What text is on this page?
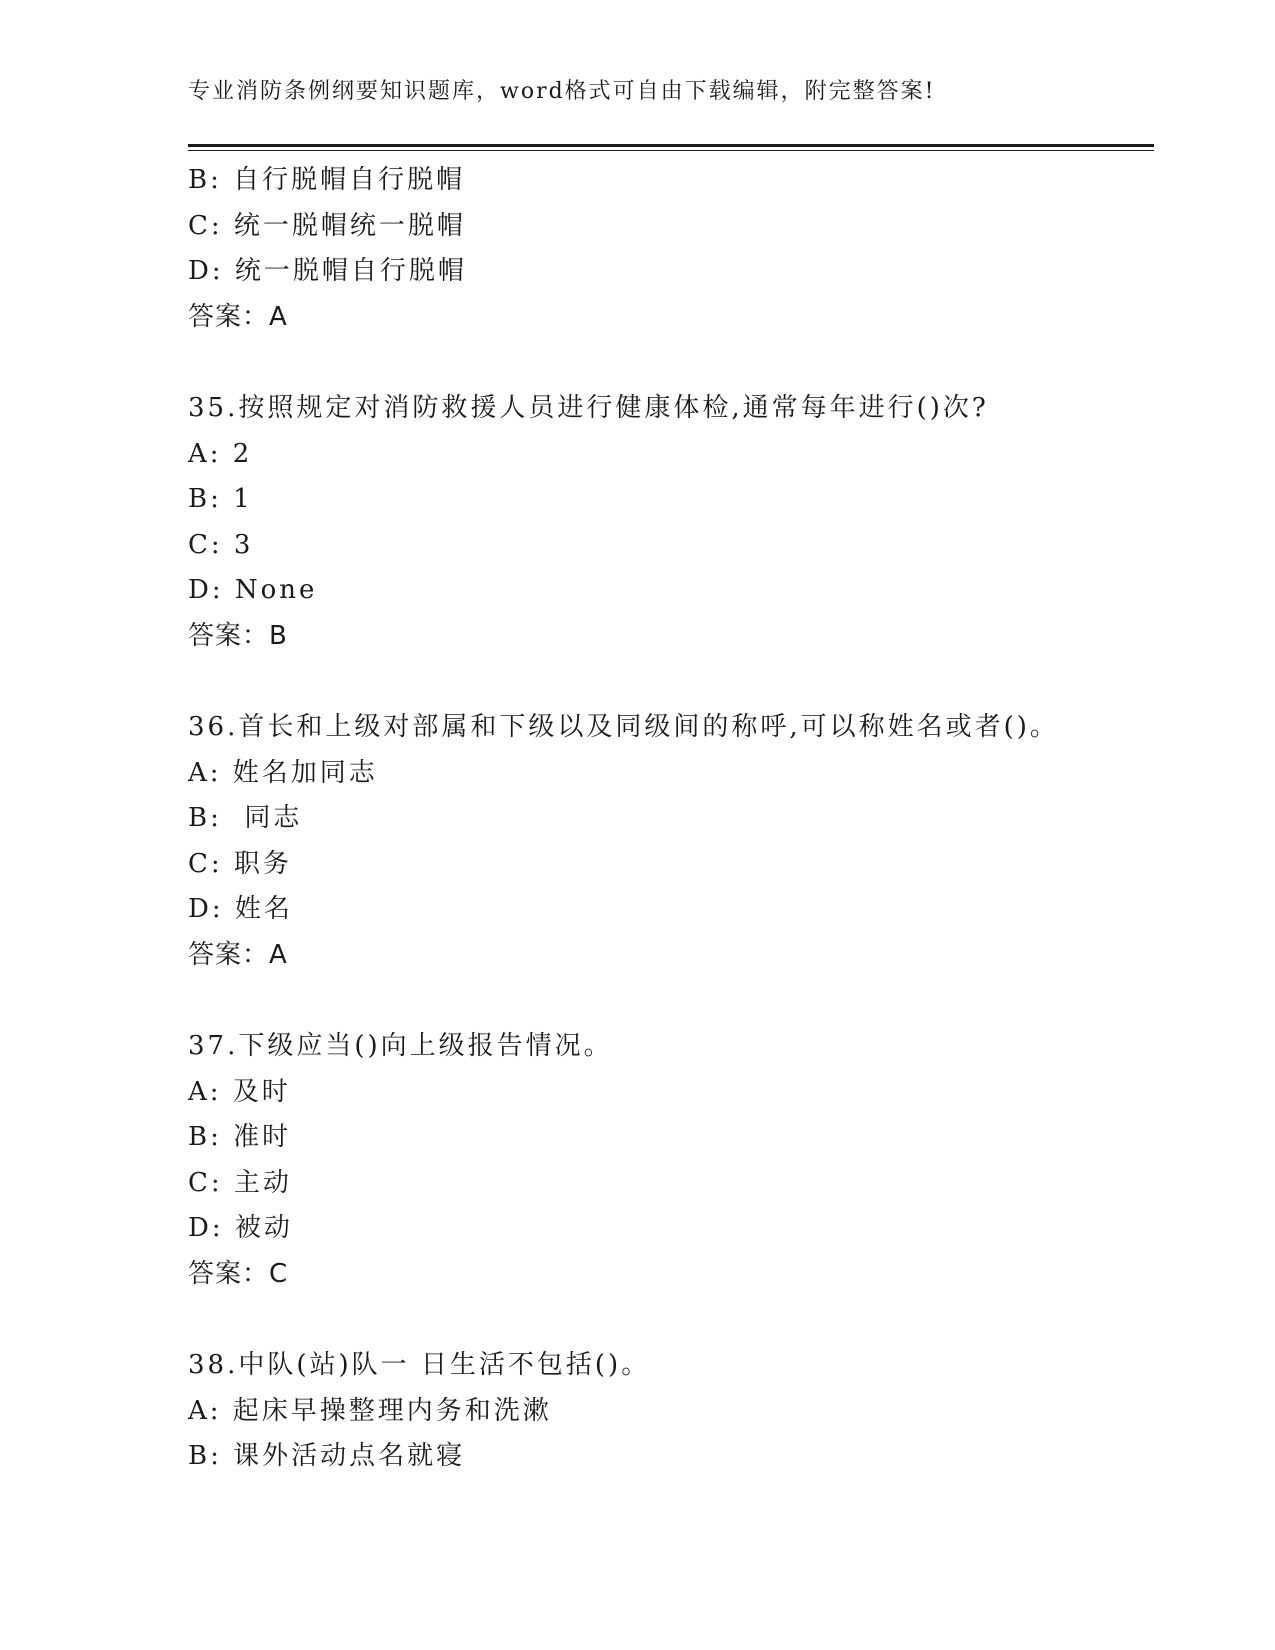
专业消防条例纲要知识题库，word格式可自由下载编辑，附完整答案!
B: 自行脱帽自行脱帽
C: 统一脱帽统一脱帽
D: 统一脱帽自行脱帽
答案：A
35.按照规定对消防救援人员进行健康体检,通常每年进行()次?
A: 2
B: 1
C: 3
D: None
答案：B
36.首长和上级对部属和下级以及同级间的称呼,可以称姓名或者()。
A: 姓名加同志
B:  同志
C: 职务
D: 姓名
答案：A
37.下级应当()向上级报告情况。
A: 及时
B: 准时
C: 主动
D: 被动
答案：C
38.中队(站)队一 日生活不包括()。
A: 起床早操整理内务和洗漱
B: 课外活动点名就寝
